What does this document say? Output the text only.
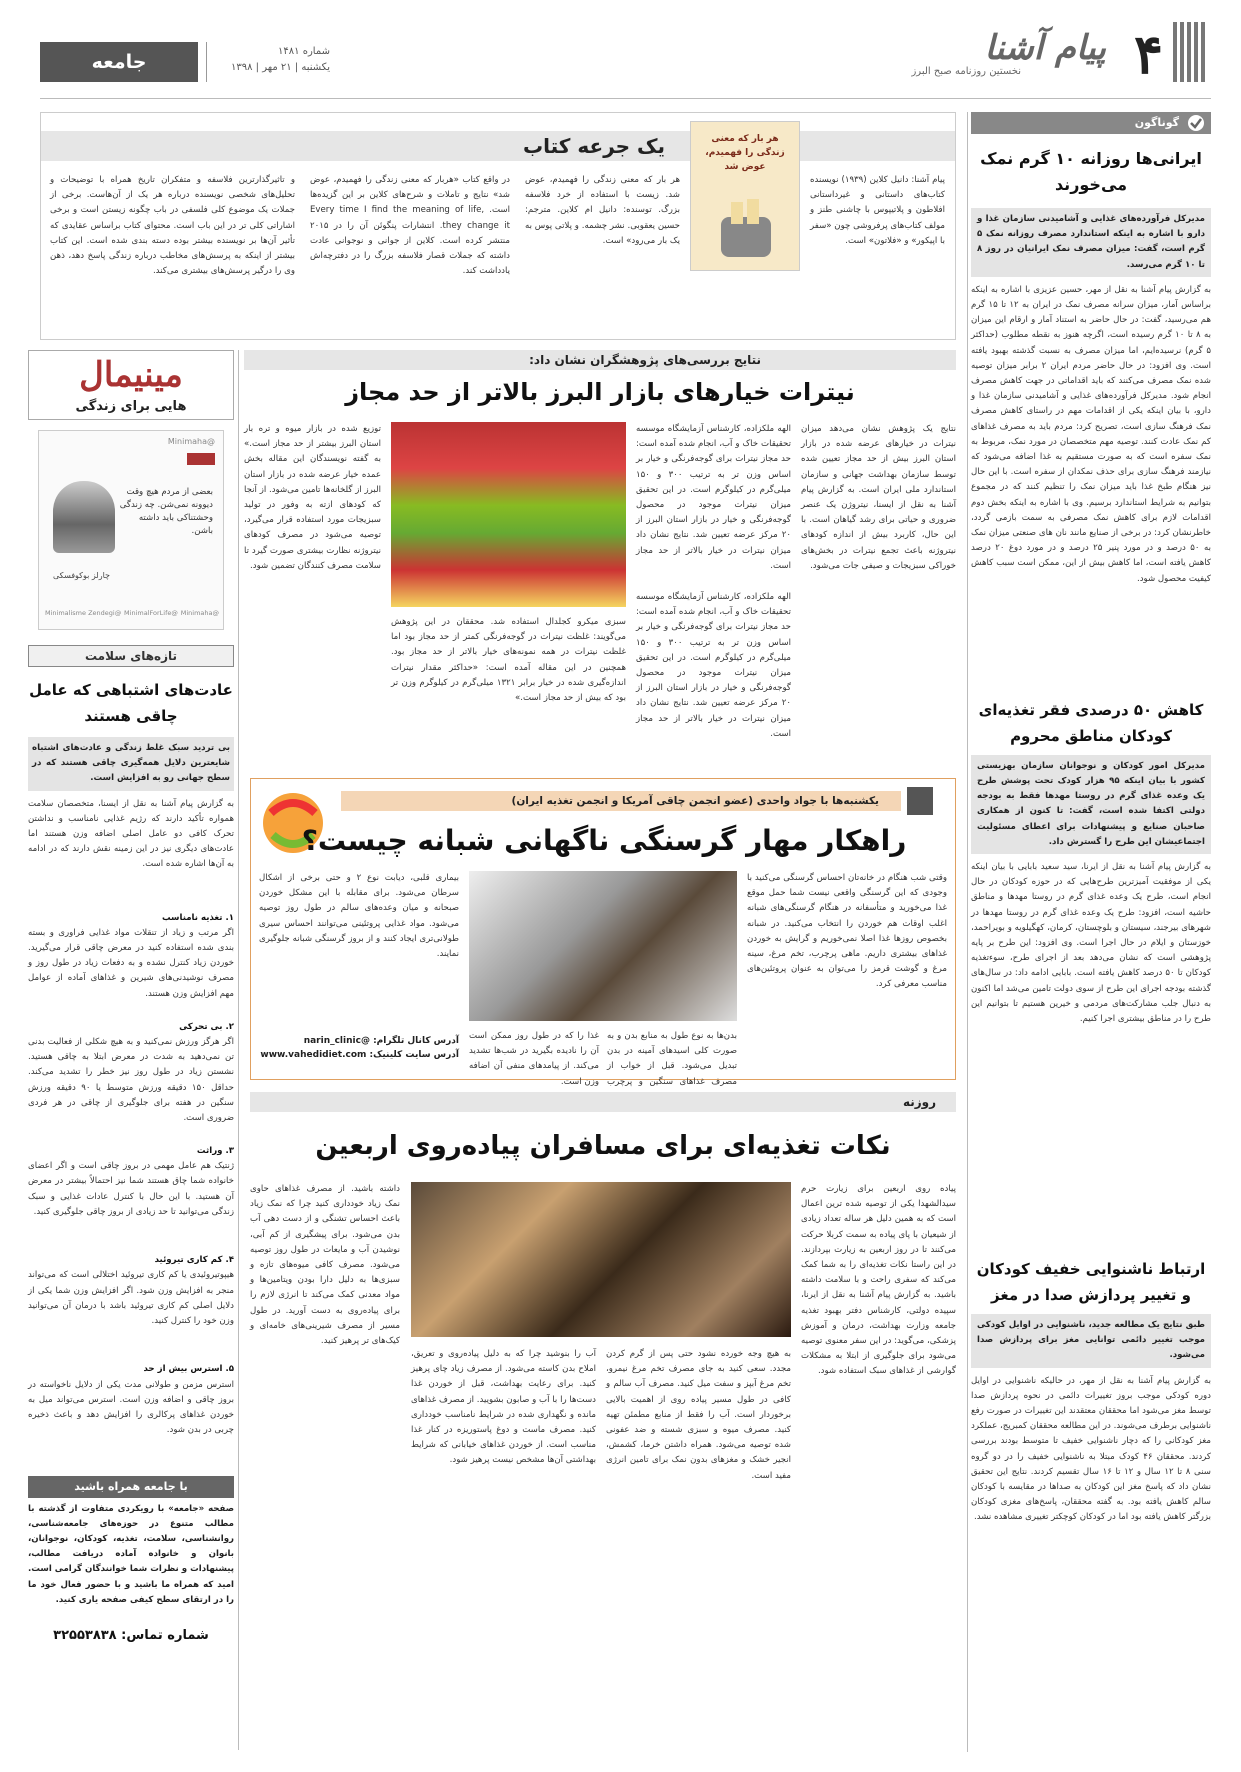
۴
پیام آشنا
نخستین روزنامه صبح البرز
شماره ۱۴۸۱
یکشنبه | ۲۱ مهر | ۱۳۹۸
جامعه
گوناگون
ایرانی‌ها روزانه ۱۰ گرم نمک می‌خورند
مدیرکل فرآورده‌های غذایی و آشامیدنی سازمان غذا و دارو با اشاره به اینکه استاندارد مصرف روزانه نمک ۵ گرم است، گفت: میزان مصرف نمک ایرانیان در روز ۸ تا ۱۰ گرم می‌رسد.
به گزارش پیام آشنا به نقل از مهر، حسین عزیزی با اشاره به اینکه براساس آمار، میزان سرانه مصرف نمک در ایران به ۱۲ تا ۱۵ گرم هم می‌رسید، گفت: در حال حاضر به استناد آمار و ارقام این میزان به ۸ تا ۱۰ گرم رسیده است، اگرچه هنوز به نقطه مطلوب (حداکثر ۵ گرم) نرسیده‌ایم، اما میزان مصرف به نسبت گذشته بهبود یافته است. وی افزود: در حال حاضر مردم ایران ۲ برابر میزان توصیه شده نمک مصرف می‌کنند که باید اقداماتی در جهت کاهش مصرف انجام شود. مدیرکل فرآورده‌های غذایی و آشامیدنی سازمان غذا و دارو، با بیان اینکه یکی از اقدامات مهم در راستای کاهش مصرف نمک فرهنگ سازی است، تصریح کرد: مردم باید به مصرف غذاهای کم نمک عادت کنند. توصیه مهم متخصصان در مورد نمک، مربوط به نمک سفره است که به صورت مستقیم به غذا اضافه می‌شود که نیازمند فرهنگ سازی برای حذف نمکدان از سفره است. با این حال نیز هنگام طبخ غذا باید میزان نمک را تنظیم کنند که در مجموع بتوانیم به شرایط استاندارد برسیم. وی با اشاره به اینکه بخش دوم اقدامات لازم برای کاهش نمک مصرفی به سمت بازمی گردد، خاطرنشان کرد: در برخی از صنایع مانند نان های صنعتی میزان نمک به ۵۰ درصد و در مورد پنیر ۲۵ درصد و در مورد دوغ ۲۰ درصد کاهش یافته است، اما کاهش بیش از این، ممکن است سبب کاهش کیفیت محصول شود.
کاهش ۵۰ درصدی فقر تغذیه‌ای کودکان مناطق محروم
مدیرکل امور کودکان و نوجوانان سازمان بهزیستی کشور با بیان اینکه ۹۵ هزار کودک تحت پوشش طرح یک وعده غذای گرم در روستا مهدها فقط به بودجه دولتی اکتفا شده است، گفت: تا کنون از همکاری صاحبان صنایع و پیشنهادات برای اعطای مسئولیت اجتماعیشان این طرح را گسترش داد.
به گزارش پیام آشنا به نقل از ایرنا، سید سعید بابایی با بیان اینکه یکی از موفقیت آمیزترین طرح‌هایی که در حوزه کودکان در حال انجام است، طرح یک وعده غذای گرم در روستا مهدها و مناطق حاشیه است، افزود: طرح یک وعده غذای گرم در روستا مهدها در شهرهای بیرجند، سیستان و بلوچستان، کرمان، کهگیلویه و بویراحمد، خوزستان و ایلام در حال اجرا است. وی افزود: این طرح بر پایه پژوهشی است که نشان می‌دهد بعد از اجرای طرح، سوءتغذیه کودکان تا ۵۰ درصد کاهش یافته است. بابایی ادامه داد: در سال‌های گذشته بودجه اجرای این طرح از سوی دولت تامین می‌شد اما اکنون به دنبال جلب مشارکت‌های مردمی و خیرین هستیم تا بتوانیم این طرح را در مناطق بیشتری اجرا کنیم.
ارتباط ناشنوایی خفیف کودکان و تغییر پردازش صدا در مغز
طبق نتایج یک مطالعه جدید، ناشنوایی در اوایل کودکی موجب تغییر دائمی توانایی مغز برای پردازش صدا می‌شود.
به گزارش پیام آشنا به نقل از مهر، در حالیکه ناشنوایی در اوایل دوره کودکی موجب بروز تغییرات دائمی در نحوه پردازش صدا توسط مغز می‌شود اما محققان معتقدند این تغییرات در صورت رفع ناشنوایی برطرف می‌شوند. در این مطالعه محققان کمبریج، عملکرد مغز کودکانی را که دچار ناشنوایی خفیف تا متوسط بودند بررسی کردند. محققان ۴۶ کودک مبتلا به ناشنوایی خفیف را در دو گروه سنی ۸ تا ۱۲ سال و ۱۲ تا ۱۶ سال تقسیم کردند. نتایج این تحقیق نشان داد که پاسخ مغز این کودکان به صداها در مقایسه با کودکان سالم کاهش یافته بود. به گفته محققان، پاسخ‌های مغزی کودکان بزرگتر کاهش یافته بود اما در کودکان کوچکتر تغییری مشاهده نشد.
یک جرعه کتاب	هر بار که معنی زندگی را فهمیدم، عوض شد
پیام آشنا: دانیل کلاین (۱۹۳۹) نویسنده کتاب‌های داستانی و غیرداستانی افلاطون و پلاتیپوس با چاشنی طنز و مولف کتاب‌های پرفروشی چون «سفر با اپیکور» و «فلاتون» است.
هر بار که معنی زندگی را فهمیدم، عوض شد. زیست با استفاده از خرد فلاسفه بزرگ. توسنده: دانیل ام کلاین. مترجم: حسین یعقوبی. نشر چشمه. و پلاتی پوس به یک بار می‌رود» است.
در واقع کتاب «هربار که معنی زندگی را فهمیدم، عوض شد» نتایج و تاملات و شرح‌های کلاین بر این گزیده‌ها است. Every time I find the meaning of life, they change it. انتشارات پنگوئن آن را در ۲۰۱۵ منتشر کرده است. کلاین از جوانی و نوجوانی عادت داشته که جملات قصار فلاسفه بزرگ را در دفترچه‌اش یادداشت کند.
و تاثیرگذارترین فلاسفه و متفکران تاریخ همراه با توضیحات و تحلیل‌های شخصی نویسنده درباره هر یک از آن‌هاست. برخی از جملات یک موضوع کلی فلسفی در باب چگونه زیستن است و برخی اشاراتی کلی‌ تر در این باب است. محتوای کتاب براساس عقایدی که تأثیر آن‌ها بر نویسنده بیشتر بوده دسته بندی شده است. این کتاب بیشتر از اینکه به پرسش‌های مخاطب درباره زندگی پاسخ دهد، ذهن وی را درگیر پرسش‌های بیشتری می‌کند.
نتایج بررسی‌های پژوهشگران نشان داد:
نیترات خیارهای بازار البرز بالاتر از حد مجاز
نتایج یک پژوهش نشان می‌دهد میزان نیترات در خیارهای عرضه شده در بازار استان البرز بیش از حد مجاز تعیین شده توسط سازمان بهداشت جهانی و سازمان استاندارد ملی ایران است. به گزارش پیام آشنا به نقل از ایسنا، نیتروژن یک عنصر ضروری و حیاتی برای رشد گیاهان است. با این حال، کاربرد بیش از اندازه کودهای نیتروژنه باعث تجمع نیترات در بخش‌های خوراکی سبزیجات و صیفی جات می‌شود.
الهه ملکزاده، کارشناس آزمایشگاه موسسه تحقیقات خاک و آب، انجام شده آمده است: حد مجاز نیترات برای گوجه‌فرنگی و خیار بر اساس وزن تر به ترتیب ۳۰۰ و ۱۵۰ میلی‌گرم در کیلوگرم است. در این تحقیق میزان نیترات موجود در محصول گوجه‌فرنگی و خیار در بازار استان البرز از ۲۰ مرکز عرضه تعیین شد. نتایج نشان داد میزان نیترات در خیار بالاتر از حد مجاز است.
الهه ملکزاده، کارشناس آزمایشگاه موسسه تحقیقات خاک و آب، انجام شده آمده است: حد مجاز نیترات برای گوجه‌فرنگی و خیار بر اساس وزن تر به ترتیب ۳۰۰ و ۱۵۰ میلی‌گرم در کیلوگرم است. در این تحقیق میزان نیترات موجود در محصول گوجه‌فرنگی و خیار در بازار استان البرز از ۲۰ مرکز عرضه تعیین شد. نتایج نشان داد میزان نیترات در خیار بالاتر از حد مجاز است.
سبزی میکرو کجلدال استفاده شد. محققان در این پژوهش می‌گویند: غلظت نیترات در گوجه‌فرنگی کمتر از حد مجاز بود اما غلظت نیترات در همه نمونه‌های خیار بالاتر از حد مجاز بود. همچنین در این مقاله آمده است: «حداکثر مقدار نیترات اندازه‌گیری شده در خیار برابر ۱۳۲۱ میلی‌گرم در کیلوگرم وزن تر بود که بیش از حد مجاز است.»
توزیع شده در بازار میوه و تره بار استان البرز بیشتر از حد مجاز است.» به گفته نویسندگان این مقاله بخش عمده خیار عرضه شده در بازار استان البرز از گلخانه‌ها تامین می‌شود. از آنجا که کودهای ازته به وفور در تولید سبزیجات مورد استفاده قرار می‌گیرد، توصیه می‌شود در مصرف کودهای نیتروژنه نظارت بیشتری صورت گیرد تا سلامت مصرف کنندگان تضمین شود.
مینیمال
هایی برای زندگی
@Minimaha
بعضی از مردم هیچ وقت دیوونه نمی‌شن. چه زندگی وحشتناکی باید داشته باشن.
چارلز بوکوفسکی
@Minimaha
@MinimalForLife
@Minimalisme Zendegi
تازه‌های سلامت
عادت‌های اشتباهی که عامل چاقی هستند
بی تردید سبک غلط زندگی و عادت‌های اشتباه شایعترین دلایل همه‌گیری چاقی هستند که در سطح جهانی رو به افزایش است.
به گزارش پیام آشنا به نقل از ایسنا، متخصصان سلامت همواره تأکید دارند که رژیم غذایی نامناسب و نداشتن تحرک کافی دو عامل اصلی اضافه وزن هستند اما عادت‌های دیگری نیز در این زمینه نقش دارند که در ادامه به آن‌ها اشاره شده است.
۱. تغذیه نامناسب
اگر مرتب و زیاد از تنقلات مواد غذایی فراوری و بسته بندی شده استفاده کنید در معرض چاقی قرار می‌گیرید. خوردن زیاد کنترل نشده و به دفعات زیاد در طول روز و مصرف نوشیدنی‌های شیرین و غذاهای آماده از عوامل مهم افزایش وزن هستند.
۲. بی تحرکی
اگر هرگز ورزش نمی‌کنید و به هیچ شکلی از فعالیت بدنی تن نمی‌دهید به شدت در معرض ابتلا به چاقی هستید. نشستن زیاد در طول روز نیز خطر را تشدید می‌کند. حداقل ۱۵۰ دقیقه ورزش متوسط یا ۹۰ دقیقه ورزش سنگین در هفته برای جلوگیری از چاقی در هر فردی ضروری است.
۳. وراثت
ژنتیک هم عامل مهمی در بروز چاقی است و اگر اعضای خانواده شما چاق هستند شما نیز احتمالاً بیشتر در معرض آن هستید. با این حال با کنترل عادات غذایی و سبک زندگی می‌توانید تا حد زیادی از بروز چاقی جلوگیری کنید.
۴. کم کاری تیروئید
هیپوتیروئیدی یا کم کاری تیروئید اختلالی است که می‌تواند منجر به افزایش وزن شود. اگر افزایش وزن شما یکی از دلایل اصلی کم کاری تیروئید باشد با درمان آن می‌توانید وزن خود را کنترل کنید.
۵. استرس بیش از حد
استرس مزمن و طولانی مدت یکی از دلایل ناخواسته در بروز چاقی و اضافه وزن است. استرس می‌تواند میل به خوردن غذاهای پرکالری را افزایش دهد و باعث ذخیره چربی در بدن شود.
با جامعه همراه باشید
صفحه «جامعه» با رویکردی متفاوت از گذشته با مطالب متنوع در حوزه‌های جامعه‌شناسی، روانشناسی، سلامت، تغذیه، کودکان، نوجوانان، بانوان و خانواده آماده دریافت مطالب، پیشنهادات و نظرات شما خوانندگان گرامی است. امید که همراه ما باشید و با حضور فعال خود ما را در ارتقای سطح کیفی صفحه یاری کنید.
شماره تماس: ۳۲۵۵۳۸۳۸
یکشنبه‌ها با جواد واحدی (عضو انجمن چاقی آمریکا و انجمن تغذیه ایران)
راهکار مهار گرسنگی ناگهانی شبانه چیست؟
وقتی شب هنگام در خانه‌تان احساس گرسنگی می‌کنید با وجودی که این گرسنگی واقعی نیست شما حمل موقع غذا می‌خورید و متأسفانه در هنگام گرسنگی‌های شبانه اغلب اوقات هم خوردن را انتخاب می‌کنید. در شبانه بخصوص روزها غذا اصلا نمی‌خوریم و گرایش به خوردن غذاهای بیشتری داریم. ماهی پرچرب، تخم مرغ، سینه مرغ و گوشت قرمز را می‌توان به عنوان پروتئین‌های مناسب معرفی کرد.
بدن‌ها به نوع طول به منابع بدن و به صورت کلی اسیدهای آمینه در بدن تبدیل می‌شود. قبل از خواب از مصرف غذاهای سنگین و پرچرب
غذا را که در طول روز ممکن است آن را نادیده بگیرید در شب‌ها تشدید می‌کند. از پیامدهای منفی آن اضافه وزن است.
بیماری قلبی، دیابت نوع ۲ و حتی برخی از اشکال سرطان می‌شود. برای مقابله با این مشکل خوردن صبحانه و میان وعده‌های سالم در طول روز توصیه می‌شود. مواد غذایی پروتئینی می‌توانند احساس سیری طولانی‌تری ایجاد کنند و از بروز گرسنگی شبانه جلوگیری نمایند.
آدرس کانال تلگرام: @narin_clinic
آدرس سایت کلینیک: www.vahedidiet.com
روزنه
نکات تغذیه‌ای برای مسافران پیاده‌روی اربعین
پیاده روی اربعین برای زیارت حرم سیدالشهدا یکی از توصیه شده ترین اعمال است که به همین دلیل هر ساله تعداد زیادی از شیعیان با پای پیاده به سمت کربلا حرکت می‌کنند تا در روز اربعین به زیارت بپردازند. در این راستا نکات تغذیه‌ای را به شما کمک می‌کند که سفری راحت و با سلامت داشته باشید. به گزارش پیام آشنا به نقل از ایرنا، سپیده دولتی، کارشناس دفتر بهبود تغذیه جامعه وزارت بهداشت، درمان و آموزش پزشکی، می‌گوید: در این سفر معنوی توصیه می‌شود برای جلوگیری از ابتلا به مشکلات گوارشی از غذاهای سبک استفاده شود.
به هیچ وجه خورده نشود حتی پس از گرم کردن مجدد. سعی کنید به جای مصرف تخم مرغ نیمرو، تخم مرغ آبپز و سفت میل کنید. مصرف آب سالم و کافی در طول مسیر پیاده روی از اهمیت بالایی برخوردار است. آب را فقط از منابع مطمئن تهیه کنید. مصرف میوه و سبزی شسته و ضد عفونی شده توصیه می‌شود. همراه داشتن خرما، کشمش، انجیر خشک و مغزهای بدون نمک برای تامین انرژی مفید است.
آب را بنوشید چرا که به دلیل پیاده‌روی و تعریق، املاح بدن کاسته می‌شود. از مصرف زیاد چای پرهیز کنید. برای رعایت بهداشت، قبل از خوردن غذا دست‌ها را با آب و صابون بشویید. از مصرف غذاهای مانده و نگهداری شده در شرایط نامناسب خودداری کنید. مصرف ماست و دوغ پاستوریزه در کنار غذا مناسب است. از خوردن غذاهای خیابانی که شرایط بهداشتی آن‌ها مشخص نیست پرهیز شود.
داشته باشید. از مصرف غذاهای حاوی نمک زیاد خودداری کنید چرا که نمک زیاد باعث احساس تشنگی و از دست دهی آب بدن می‌شود. برای پیشگیری از کم آبی، نوشیدن آب و مایعات در طول روز توصیه می‌شود. مصرف کافی میوه‌های تازه و سبزی‌ها به دلیل دارا بودن ویتامین‌ها و مواد معدنی کمک می‌کند تا انرژی لازم را برای پیاده‌روی به دست آورید. در طول مسیر از مصرف شیرینی‌های خامه‌ای و کیک‌های تر پرهیز کنید.
